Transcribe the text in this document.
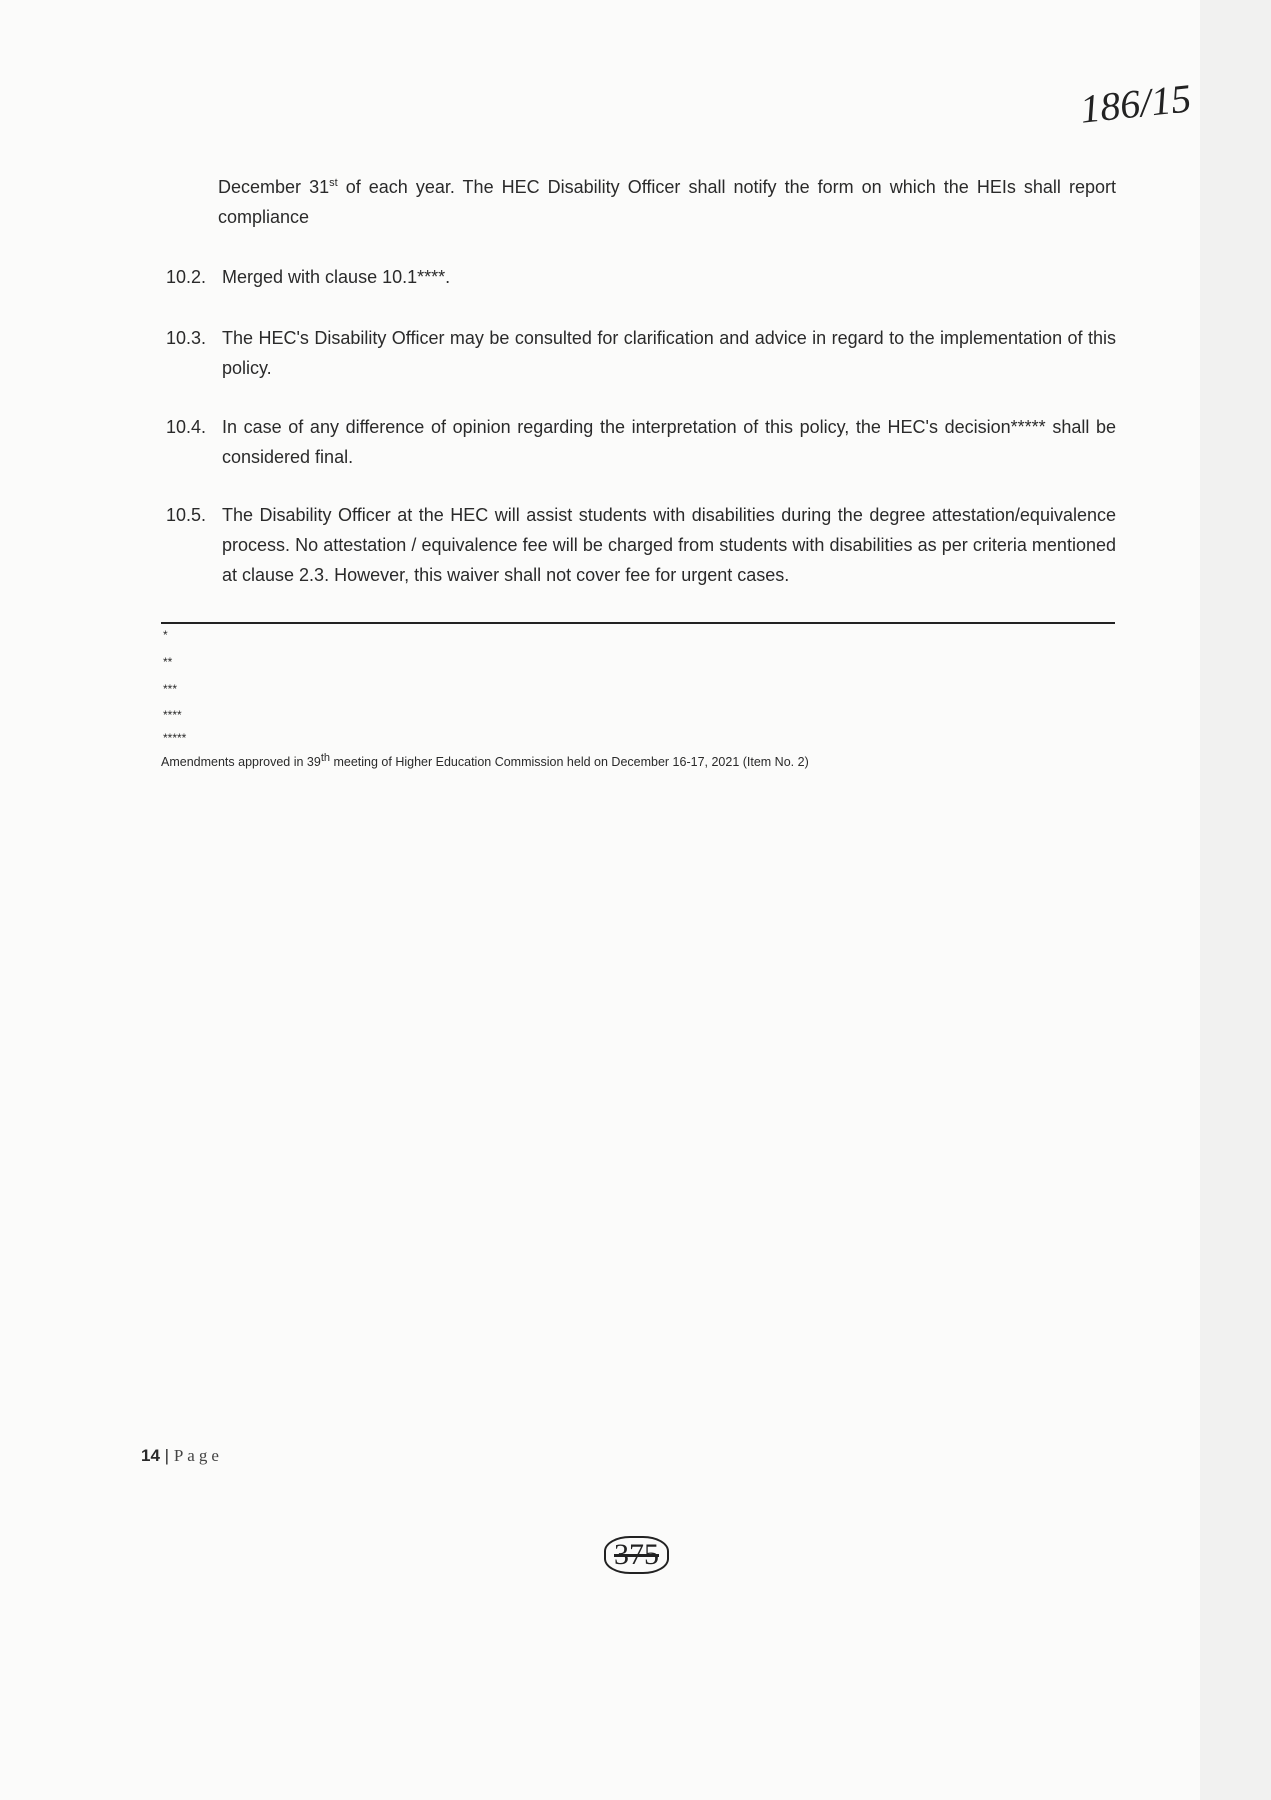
186/15
December 31st of each year. The HEC Disability Officer shall notify the form on which the HEIs shall report compliance
10.2. Merged with clause 10.1****.
10.3. The HEC's Disability Officer may be consulted for clarification and advice in regard to the implementation of this policy.
10.4. In case of any difference of opinion regarding the interpretation of this policy, the HEC's decision***** shall be considered final.
10.5. The Disability Officer at the HEC will assist students with disabilities during the degree attestation/equivalence process. No attestation / equivalence fee will be charged from students with disabilities as per criteria mentioned at clause 2.3. However, this waiver shall not cover fee for urgent cases.
*
**
***
****
*****
Amendments approved in 39th meeting of Higher Education Commission held on December 16-17, 2021 (Item No. 2)
14 | Page
375
